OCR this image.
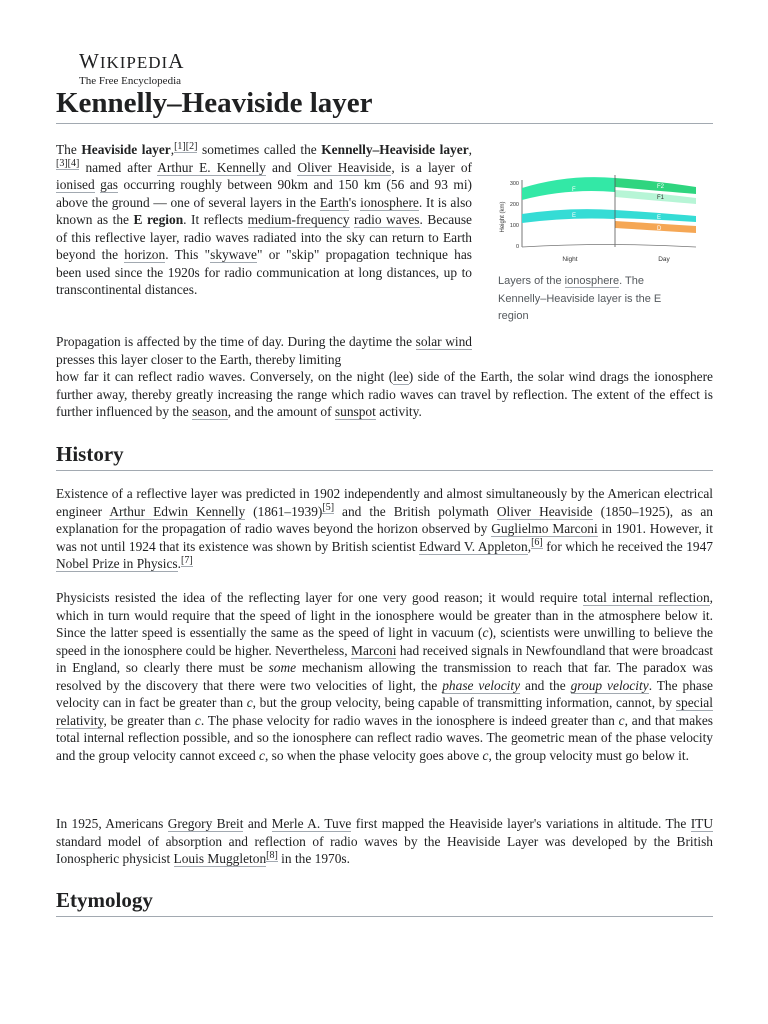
WIKIPEDIA
The Free Encyclopedia
Kennelly–Heaviside layer
The Heaviside layer,[1][2] sometimes called the Kennelly–Heaviside layer,[3][4] named after Arthur E. Kennelly and Oliver Heaviside, is a layer of ionised gas occurring roughly between 90km and 150 km (56 and 93 mi) above the ground — one of several layers in the Earth's ionosphere. It is also known as the E region. It reflects medium-frequency radio waves. Because of this reflective layer, radio waves radiated into the sky can return to Earth beyond the horizon. This "skywave" or "skip" propagation technique has been used since the 1920s for radio communication at long distances, up to transcontinental distances.
Height (km)
300
200
100
0
F
E
F2
F1
E
D
Night	Day
Layers of the ionosphere. The Kennelly–Heaviside layer is the E region
Propagation is affected by the time of day. During the daytime the solar wind presses this layer closer to the Earth, thereby limiting
how far it can reflect radio waves. Conversely, on the night (lee) side of the Earth, the solar wind drags the ionosphere further away, thereby greatly increasing the range which radio waves can travel by reflection. The extent of the effect is further influenced by the season, and the amount of sunspot activity.
History
Existence of a reflective layer was predicted in 1902 independently and almost simultaneously by the American electrical engineer Arthur Edwin Kennelly (1861–1939)[5] and the British polymath Oliver Heaviside (1850–1925), as an explanation for the propagation of radio waves beyond the horizon observed by Guglielmo Marconi in 1901. However, it was not until 1924 that its existence was shown by British scientist Edward V. Appleton,[6] for which he received the 1947 Nobel Prize in Physics.[7]
Physicists resisted the idea of the reflecting layer for one very good reason; it would require total internal reflection, which in turn would require that the speed of light in the ionosphere would be greater than in the atmosphere below it. Since the latter speed is essentially the same as the speed of light in vacuum (c), scientists were unwilling to believe the speed in the ionosphere could be higher. Nevertheless, Marconi had received signals in Newfoundland that were broadcast in England, so clearly there must be some mechanism allowing the transmission to reach that far. The paradox was resolved by the discovery that there were two velocities of light, the phase velocity and the group velocity. The phase velocity can in fact be greater than c, but the group velocity, being capable of transmitting information, cannot, by special relativity, be greater than c. The phase velocity for radio waves in the ionosphere is indeed greater than c, and that makes total internal reflection possible, and so the ionosphere can reflect radio waves. The geometric mean of the phase velocity and the group velocity cannot exceed c, so when the phase velocity goes above c, the group velocity must go below it.
In 1925, Americans Gregory Breit and Merle A. Tuve first mapped the Heaviside layer's variations in altitude. The ITU standard model of absorption and reflection of radio waves by the Heaviside Layer was developed by the British Ionospheric physicist Louis Muggleton[8] in the 1970s.
Etymology
